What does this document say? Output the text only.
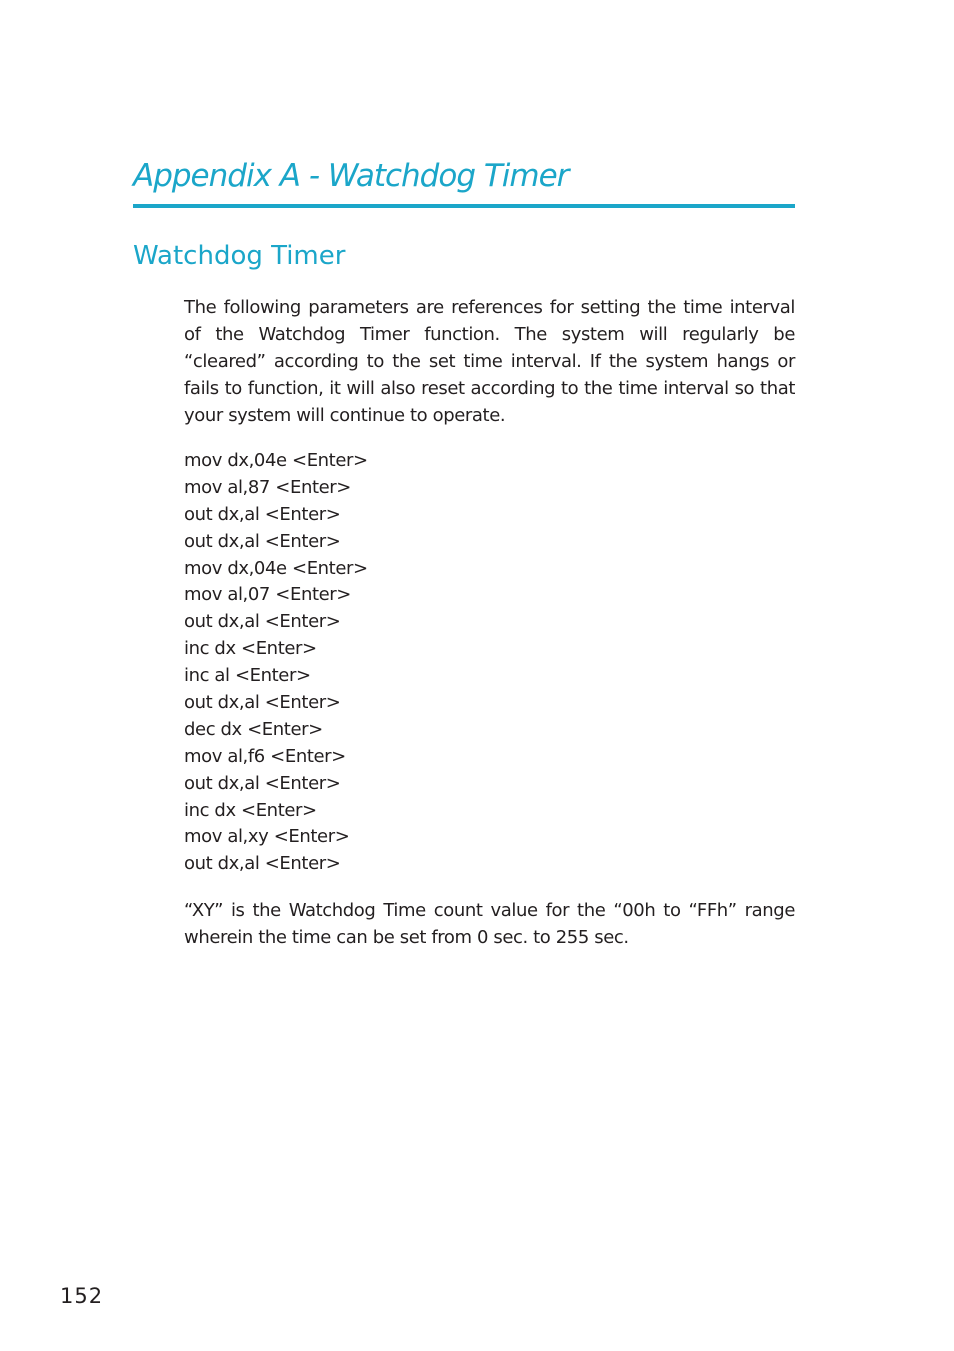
Appendix A - Watchdog Timer
Watchdog Timer

The following parameters are references for setting the time interval of the Watchdog Timer function. The system will regularly be “cleared” according to the set time interval. If the system hangs or fails to function, it will also reset according to the time interval so that your system will continue to operate.

mov dx,04e <Enter>
mov al,87 <Enter>
out dx,al <Enter>
out dx,al <Enter>
mov dx,04e <Enter>
mov al,07 <Enter>
out dx,al <Enter>
inc dx <Enter>
inc al <Enter>
out dx,al <Enter>
dec dx <Enter>
mov al,f6 <Enter>
out dx,al <Enter>
inc dx <Enter>
mov al,xy <Enter>
out dx,al <Enter>

“XY” is the Watchdog Time count value for the “00h to “FFh” range wherein the time can be set from 0 sec. to 255 sec.

152
